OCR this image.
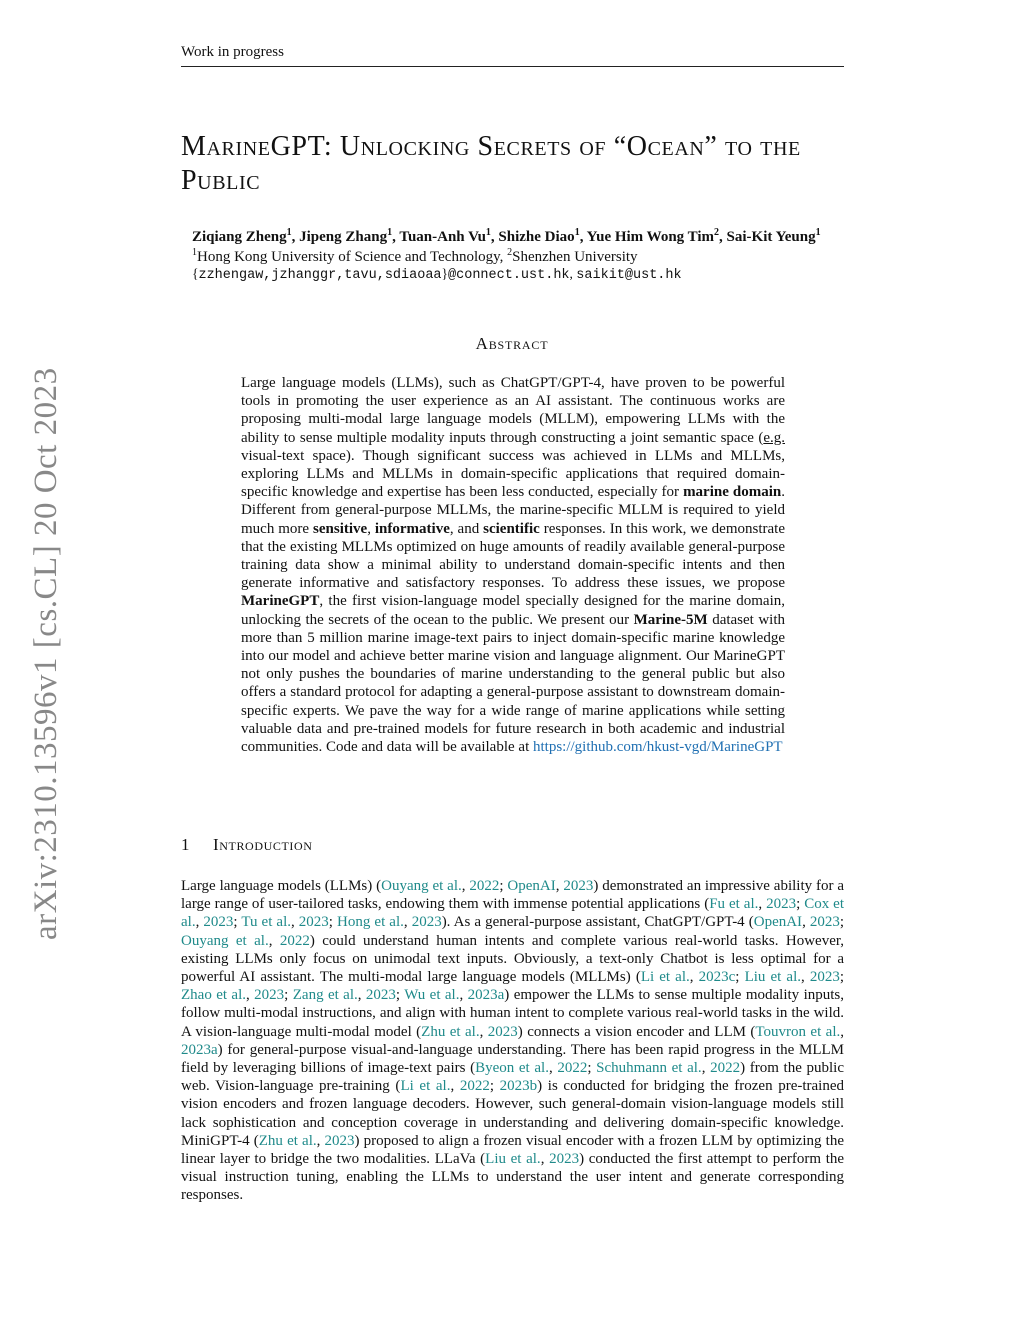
Work in progress
arXiv:2310.13596v1 [cs.CL] 20 Oct 2023
MarineGPT: Unlocking Secrets of “Ocean” to the Public
Ziqiang Zheng$^1$, Jipeng Zhang$^1$, Tuan-Anh Vu$^1$, Shizhe Diao$^1$, Yue Him Wong Tim$^2$, Sai-Kit Yeung$^1$
$^1$Hong Kong University of Science and Technology, $^2$Shenzhen University
{zzhengaw,jzhanggr,tavu,sdiaoaa}@connect.ust.hk, saikit@ust.hk
Abstract
Large language models (LLMs), such as ChatGPT/GPT-4, have proven to be powerful tools in promoting the user experience as an AI assistant. The continuous works are proposing multi-modal large language models (MLLM), empowering LLMs with the ability to sense multiple modality inputs through constructing a joint semantic space (e.g. visual-text space). Though significant success was achieved in LLMs and MLLMs, exploring LLMs and MLLMs in domain-specific applications that required domain-specific knowledge and expertise has been less conducted, especially for marine domain. Different from general-purpose MLLMs, the marine-specific MLLM is required to yield much more sensitive, informative, and scientific responses. In this work, we demonstrate that the existing MLLMs optimized on huge amounts of readily available general-purpose training data show a minimal ability to understand domain-specific intents and then generate informative and satisfactory responses. To address these issues, we propose MarineGPT, the first vision-language model specially designed for the marine domain, unlocking the secrets of the ocean to the public. We present our Marine-5M dataset with more than 5 million marine image-text pairs to inject domain-specific marine knowledge into our model and achieve better marine vision and language alignment. Our MarineGPT not only pushes the boundaries of marine understanding to the general public but also offers a standard protocol for adapting a general-purpose assistant to downstream domain-specific experts. We pave the way for a wide range of marine applications while setting valuable data and pre-trained models for future research in both academic and industrial communities. Code and data will be available at https://github.com/hkust-vgd/MarineGPT
1 Introduction
Large language models (LLMs) (Ouyang et al., 2022; OpenAI, 2023) demonstrated an impressive ability for a large range of user-tailored tasks, endowing them with immense potential applications (Fu et al., 2023; Cox et al., 2023; Tu et al., 2023; Hong et al., 2023). As a general-purpose assistant, ChatGPT/GPT-4 (OpenAI, 2023; Ouyang et al., 2022) could understand human intents and complete various real-world tasks. However, existing LLMs only focus on unimodal text inputs. Obviously, a text-only Chatbot is less optimal for a powerful AI assistant. The multi-modal large language models (MLLMs) (Li et al., 2023c; Liu et al., 2023; Zhao et al., 2023; Zang et al., 2023; Wu et al., 2023a) empower the LLMs to sense multiple modality inputs, follow multi-modal instructions, and align with human intent to complete various real-world tasks in the wild. A vision-language multi-modal model (Zhu et al., 2023) connects a vision encoder and LLM (Touvron et al., 2023a) for general-purpose visual-and-language understanding. There has been rapid progress in the MLLM field by leveraging billions of image-text pairs (Byeon et al., 2022; Schuhmann et al., 2022) from the public web. Vision-language pre-training (Li et al., 2022; 2023b) is conducted for bridging the frozen pre-trained vision encoders and frozen language decoders. However, such general-domain vision-language models still lack sophistication and conception coverage in understanding and delivering domain-specific knowledge. MiniGPT-4 (Zhu et al., 2023) proposed to align a frozen visual encoder with a frozen LLM by optimizing the linear layer to bridge the two modalities. LLaVa (Liu et al., 2023) conducted the first attempt to perform the visual instruction tuning, enabling the LLMs to understand the user intent and generate corresponding responses.
